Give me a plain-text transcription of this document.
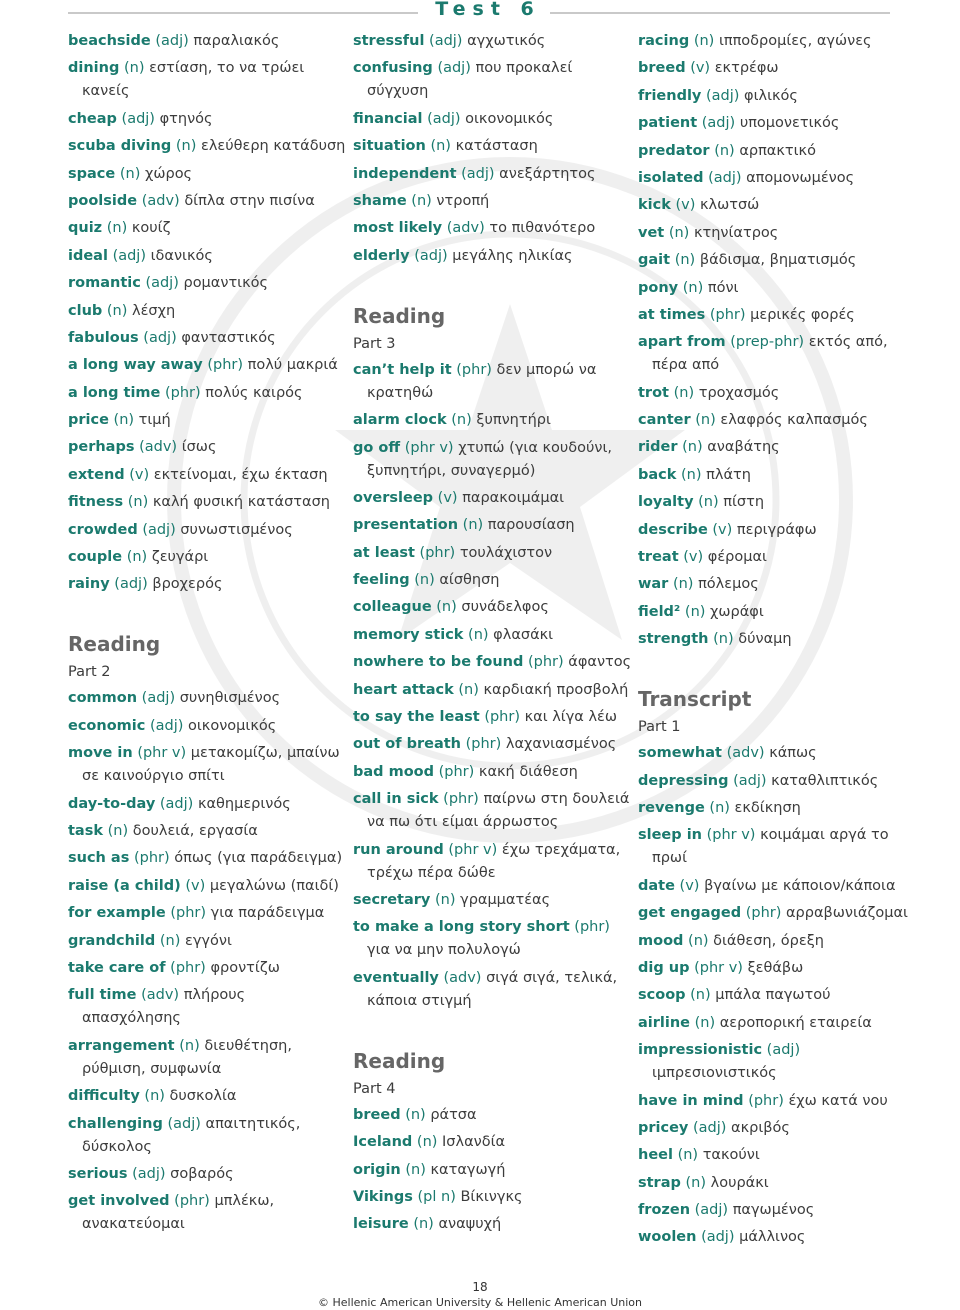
Test 6
beachside (adj) παραλιακός
dining (n) εστίαση, το να τρώει κανείς
cheap (adj) φτηνός
scuba diving (n) ελεύθερη κατάδυση
space (n) χώρος
poolside (adv) δίπλα στην πισίνα
quiz (n) κουίζ
ideal (adj) ιδανικός
romantic (adj) ρομαντικός
club (n) λέσχη
fabulous (adj) φανταστικός
a long way away (phr) πολύ μακριά
a long time (phr) πολύς καιρός
price (n) τιμή
perhaps (adv) ίσως
extend (v) εκτείνομαι, έχω έκταση
fitness (n) καλή φυσική κατάσταση
crowded (adj) συνωστισμένος
couple (n) ζευγάρι
rainy (adj) βροχερός
Reading
Part 2
common (adj) συνηθισμένος
economic (adj) οικονομικός
move in (phr v) μετακομίζω, μπαίνω σε καινούργιο σπίτι
day-to-day (adj) καθημερινός
task (n) δουλειά, εργασία
such as (phr) όπως (για παράδειγμα)
raise (a child) (v) μεγαλώνω (παιδί)
for example (phr) για παράδειγμα
grandchild (n) εγγόνι
take care of (phr) φροντίζω
full time (adv) πλήρους απασχόλησης
arrangement (n) διευθέτηση, ρύθμιση, συμφωνία
difficulty (n) δυσκολία
challenging (adj) απαιτητικός, δύσκολος
serious (adj) σοβαρός
get involved (phr) μπλέκω, ανακατεύομαι
stressful (adj) αγχωτικός
confusing (adj) που προκαλεί σύγχυση
financial (adj) οικονομικός
situation (n) κατάσταση
independent (adj) ανεξάρτητος
shame (n) ντροπή
most likely (adv) το πιθανότερο
elderly (adj) μεγάλης ηλικίας
Reading
Part 3
can’t help it (phr) δεν μπορώ να κρατηθώ
alarm clock (n) ξυπνητήρι
go off (phr v) χτυπώ (για κουδούνι, ξυπνητήρι, συναγερμό)
oversleep (v) παρακοιμάμαι
presentation (n) παρουσίαση
at least (phr) τουλάχιστον
feeling (n) αίσθηση
colleague (n) συνάδελφος
memory stick (n) φλασάκι
nowhere to be found (phr) άφαντος
heart attack (n) καρδιακή προσβολή
to say the least (phr) και λίγα λέω
out of breath (phr) λαχανιασμένος
bad mood (phr) κακή διάθεση
call in sick (phr) παίρνω στη δουλειά να πω ότι είμαι άρρωστος
run around (phr v) έχω τρεχάματα, τρέχω πέρα δώθε
secretary (n) γραμματέας
to make a long story short (phr) για να μην πολυλογώ
eventually (adv) σιγά σιγά, τελικά, κάποια στιγμή
Reading
Part 4
breed (n) ράτσα
Iceland (n) Ισλανδία
origin (n) καταγωγή
Vikings (pl n) Βίκινγκς
leisure (n) αναψυχή
racing (n) ιπποδρομίες, αγώνες
breed (v) εκτρέφω
friendly (adj) φιλικός
patient (adj) υπομονετικός
predator (n) αρπακτικό
isolated (adj) απομονωμένος
kick (v) κλωτσώ
vet (n) κτηνίατρος
gait (n) βάδισμα, βηματισμός
pony (n) πόνι
at times (phr) μερικές φορές
apart from (prep-phr) εκτός από, πέρα από
trot (n) τροχασμός
canter (n) ελαφρός καλπασμός
rider (n) αναβάτης
back (n) πλάτη
loyalty (n) πίστη
describe (v) περιγράφω
treat (v) φέρομαι
war (n) πόλεμος
field² (n) χωράφι
strength (n) δύναμη
Transcript
Part 1
somewhat (adv) κάπως
depressing (adj) καταθλιπτικός
revenge (n) εκδίκηση
sleep in (phr v) κοιμάμαι αργά το πρωί
date (v) βγαίνω με κάποιον/κάποια
get engaged (phr) αρραβωνιάζομαι
mood (n) διάθεση, όρεξη
dig up (phr v) ξεθάβω
scoop (n) μπάλα παγωτού
airline (n) αεροπορική εταιρεία
impressionistic (adj) ιμπρεσιονιστικός
have in mind (phr) έχω κατά νου
pricey (adj) ακριβός
heel (n) τακούνι
strap (n) λουράκι
frozen (adj) παγωμένος
woolen (adj) μάλλινος
18
© Hellenic American University & Hellenic American Union
